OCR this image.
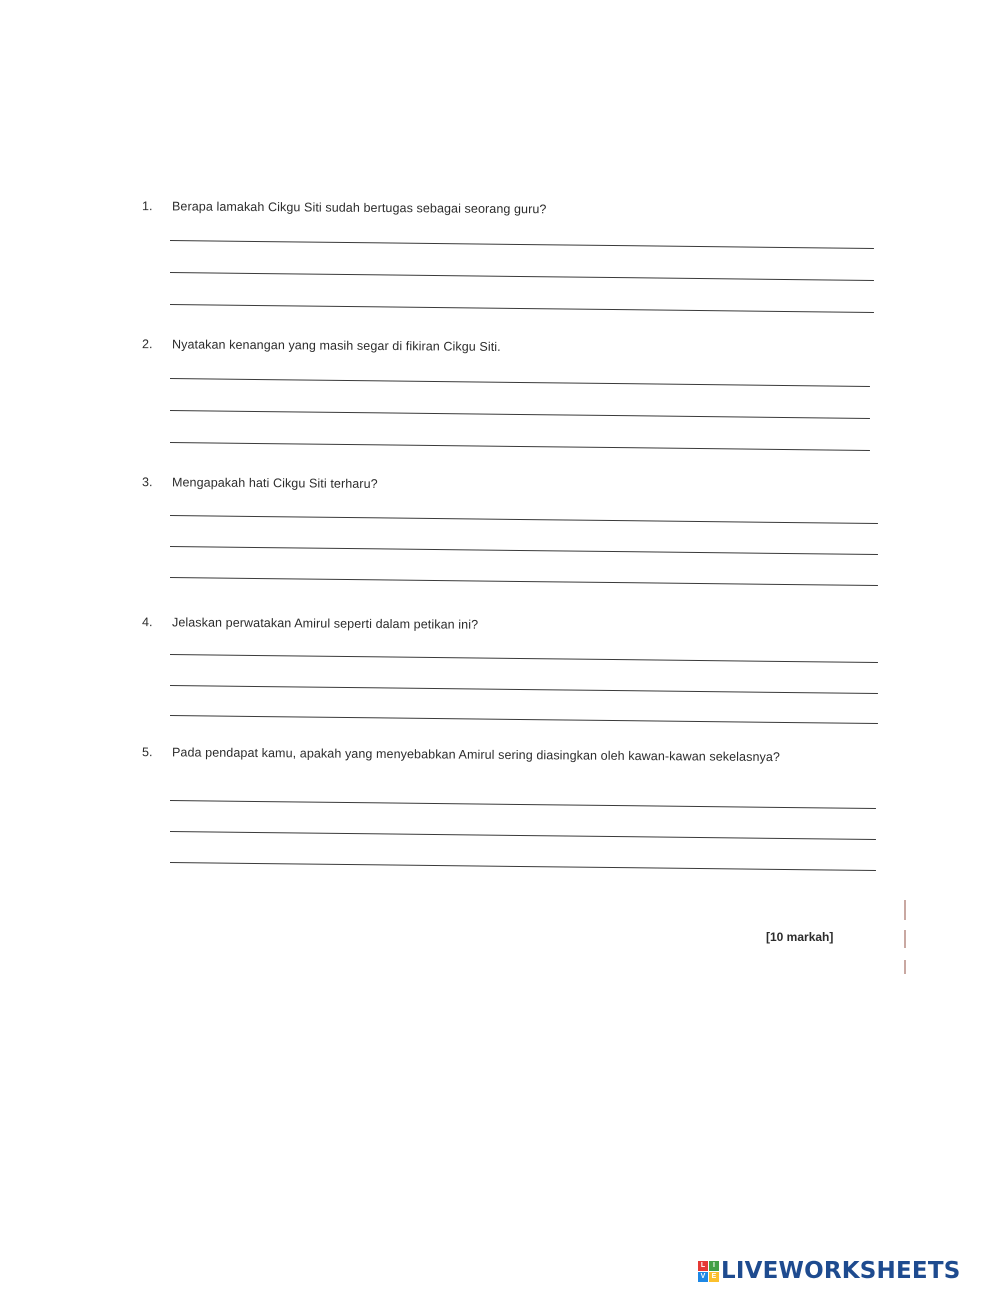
1.	Berapa lamakah Cikgu Siti sudah bertugas sebagai seorang guru?
2.	Nyatakan kenangan yang masih segar di fikiran Cikgu Siti.
3.	Mengapakah hati Cikgu Siti terharu?
4.	Jelaskan perwatakan Amirul seperti dalam petikan ini?
5.	Pada pendapat kamu, apakah yang menyebabkan Amirul sering diasingkan oleh kawan-kawan sekelasnya?
[10 markah]
L	I
V E LIVEWORKSHEETS
